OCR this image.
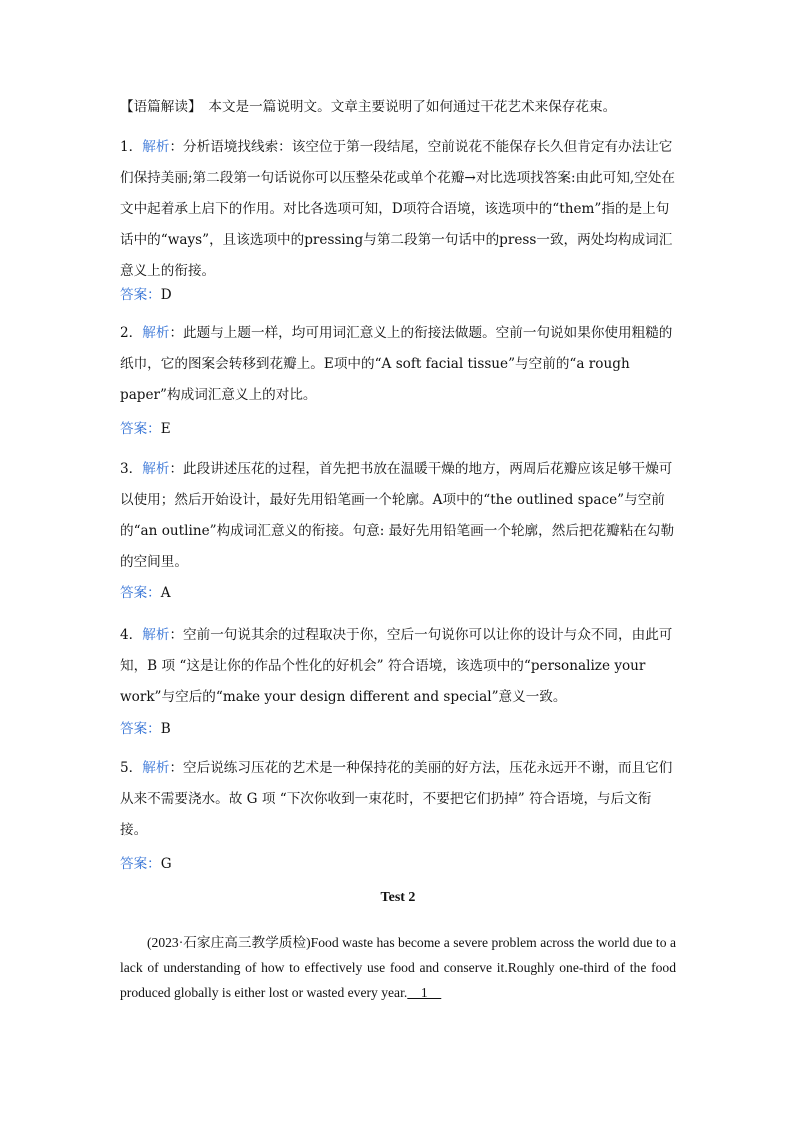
【语篇解读】　本文是一篇说明文。文章主要说明了如何通过干花艺术来保存花束。
1．解析：分析语境找线索：该空位于第一段结尾，空前说花不能保存长久但肯定有办法让它们保持美丽;第二段第一句话说你可以压整朵花或单个花瓣→对比选项找答案:由此可知,空处在文中起着承上启下的作用。对比各选项可知，D项符合语境，该选项中的“them”指的是上句话中的“ways”，且该选项中的pressing与第二段第一句话中的press一致，两处均构成词汇意义上的衔接。
答案：D
2．解析：此题与上题一样，均可用词汇意义上的衔接法做题。空前一句说如果你使用粗糙的纸巾，它的图案会转移到花瓣上。E项中的“A soft facial tissue”与空前的“a rough paper”构成词汇意义上的对比。
答案：E
3．解析：此段讲述压花的过程，首先把书放在温暖干燥的地方，两周后花瓣应该足够干燥可以使用；然后开始设计，最好先用铅笔画一个轮廓。A项中的“the outlined space”与空前的“an outline”构成词汇意义的衔接。句意: 最好先用铅笔画一个轮廓，然后把花瓣粘在勾勒的空间里。
答案：A
4．解析：空前一句说其余的过程取决于你，空后一句说你可以让你的设计与众不同，由此可知，B 项 “这是让你的作品个性化的好机会” 符合语境，该选项中的“personalize your work”与空后的“make your design different and special”意义一致。
答案：B
5．解析：空后说练习压花的艺术是一种保持花的美丽的好方法，压花永远开不谢，而且它们从来不需要浇水。故 G 项 “下次你收到一束花时，不要把它们扔掉” 符合语境，与后文衔接。
答案：G
Test 2
(2023·石家庄高三教学质检)Food waste has become a severe problem across the world due to a lack of understanding of how to effectively use food and conserve it.Roughly one-third of the food produced globally is either lost or wasted every year.　1　
